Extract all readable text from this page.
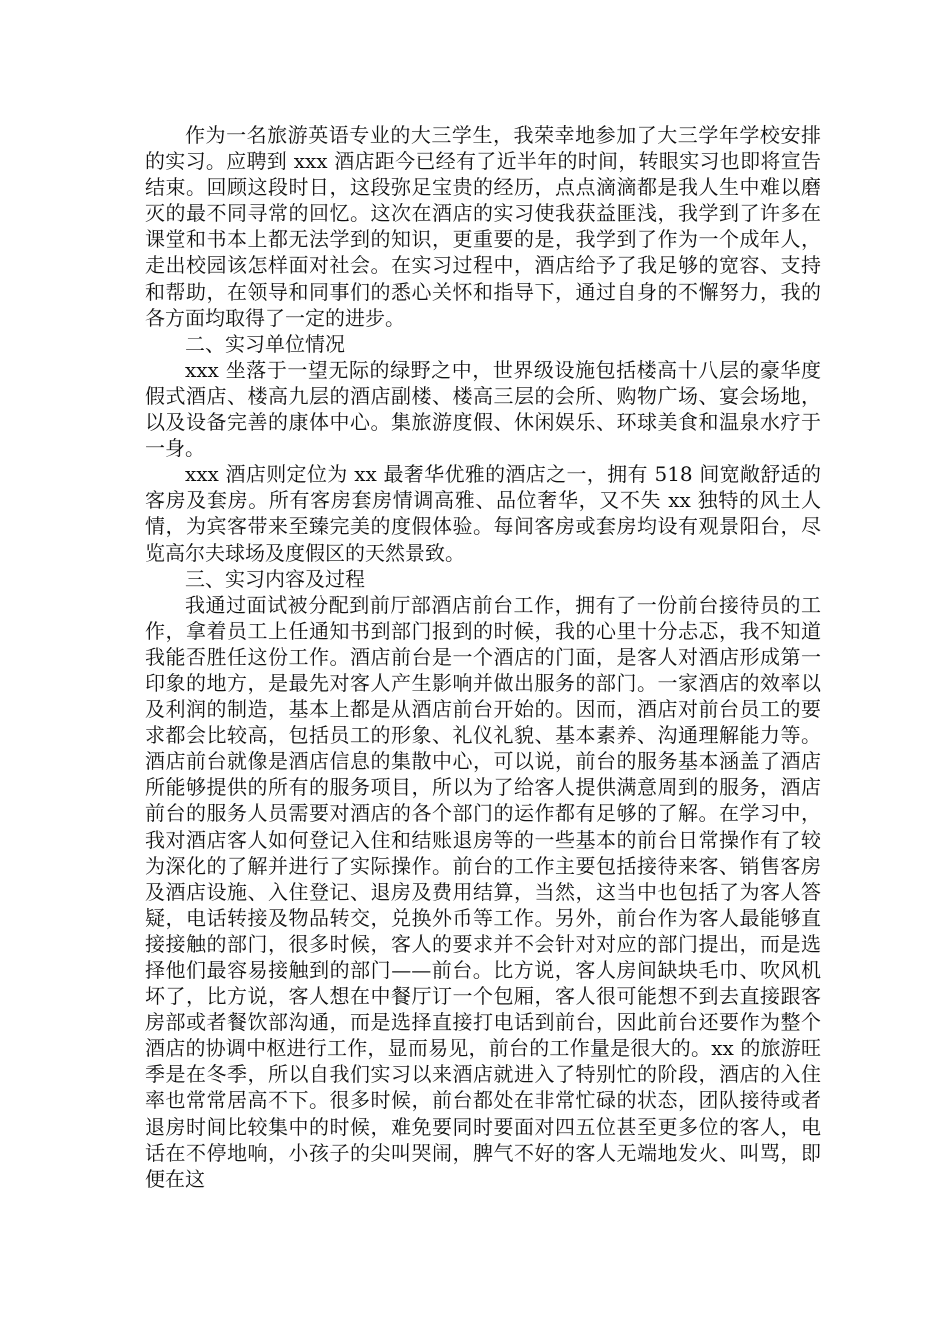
作为一名旅游英语专业的大三学生，我荣幸地参加了大三学年学校安排的实习。应聘到 xxx 酒店距今已经有了近半年的时间，转眼实习也即将宣告结束。回顾这段时日，这段弥足宝贵的经历，点点滴滴都是我人生中难以磨灭的最不同寻常的回忆。这次在酒店的实习使我获益匪浅，我学到了许多在课堂和书本上都无法学到的知识，更重要的是，我学到了作为一个成年人，走出校园该怎样面对社会。在实习过程中，酒店给予了我足够的宽容、支持和帮助，在领导和同事们的悉心关怀和指导下，通过自身的不懈努力，我的各方面均取得了一定的进步。

二、实习单位情况

xxx 坐落于一望无际的绿野之中，世界级设施包括楼高十八层的豪华度假式酒店、楼高九层的酒店副楼、楼高三层的会所、购物广场、宴会场地，以及设备完善的康体中心。集旅游度假、休闲娱乐、环球美食和温泉水疗于一身。

xxx 酒店则定位为 xx 最奢华优雅的酒店之一，拥有 518 间宽敞舒适的客房及套房。所有客房套房情调高雅、品位奢华，又不失 xx 独特的风土人情，为宾客带来至臻完美的度假体验。每间客房或套房均设有观景阳台，尽览高尔夫球场及度假区的天然景致。

三、实习内容及过程

我通过面试被分配到前厅部酒店前台工作，拥有了一份前台接待员的工作，拿着员工上任通知书到部门报到的时候，我的心里十分忐忑，我不知道我能否胜任这份工作。酒店前台是一个酒店的门面，是客人对酒店形成第一印象的地方，是最先对客人产生影响并做出服务的部门。一家酒店的效率以及利润的制造，基本上都是从酒店前台开始的。因而，酒店对前台员工的要求都会比较高，包括员工的形象、礼仪礼貌、基本素养、沟通理解能力等。酒店前台就像是酒店信息的集散中心，可以说，前台的服务基本涵盖了酒店所能够提供的所有的服务项目，所以为了给客人提供满意周到的服务，酒店前台的服务人员需要对酒店的各个部门的运作都有足够的了解。在学习中，我对酒店客人如何登记入住和结账退房等的一些基本的前台日常操作有了较为深化的了解并进行了实际操作。前台的工作主要包括接待来客、销售客房及酒店设施、入住登记、退房及费用结算，当然，这当中也包括了为客人答疑，电话转接及物品转交，兑换外币等工作。另外，前台作为客人最能够直接接触的部门，很多时候，客人的要求并不会针对对应的部门提出，而是选择他们最容易接触到的部门——前台。比方说，客人房间缺块毛巾、吹风机坏了，比方说，客人想在中餐厅订一个包厢，客人很可能想不到去直接跟客房部或者餐饮部沟通，而是选择直接打电话到前台，因此前台还要作为整个酒店的协调中枢进行工作，显而易见，前台的工作量是很大的。xx 的旅游旺季是在冬季，所以自我们实习以来酒店就进入了特别忙的阶段，酒店的入住率也常常居高不下。很多时候，前台都处在非常忙碌的状态，团队接待或者退房时间比较集中的时候，难免要同时要面对四五位甚至更多位的客人，电话在不停地响，小孩子的尖叫哭闹，脾气不好的客人无端地发火、叫骂，即便在这
